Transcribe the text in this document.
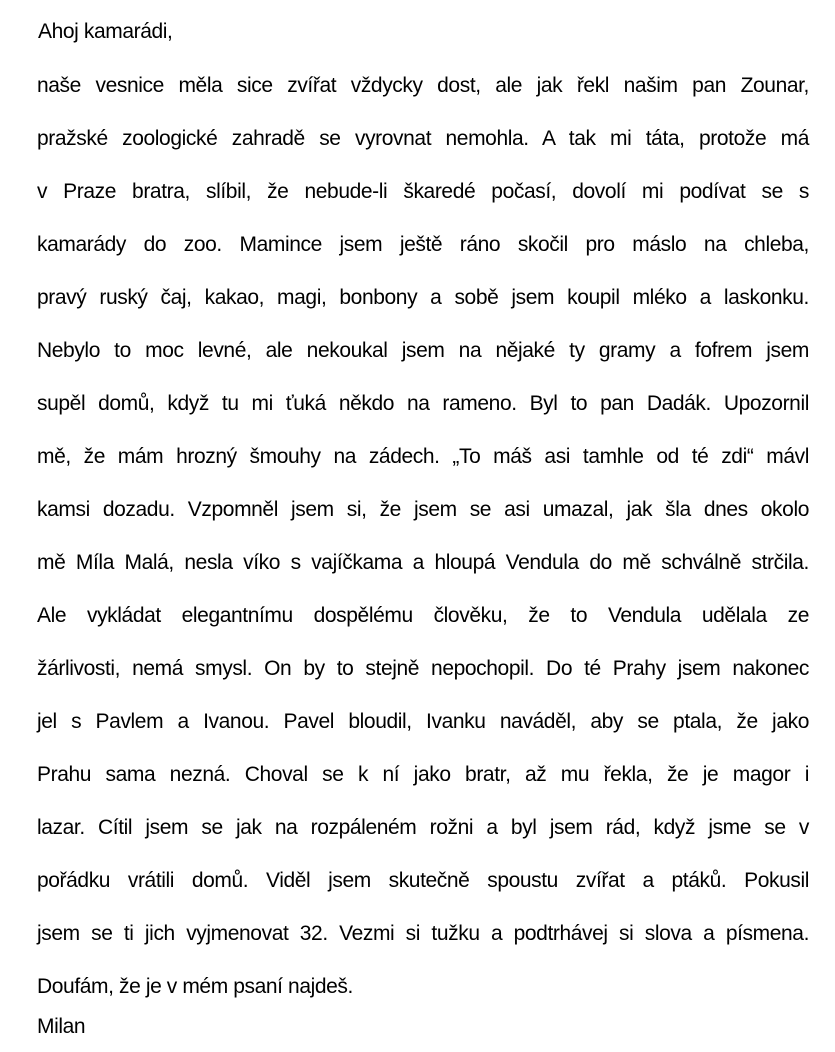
Ahoj kamarádi,
naše vesnice měla sice zvířat vždycky dost, ale jak řekl našim pan Zounar,
pražské zoologické zahradě se vyrovnat nemohla. A tak mi táta, protože má
v Praze bratra, slíbil, že nebude-li škaredé počasí, dovolí mi podívat se s
kamarády do zoo. Mamince jsem ještě ráno skočil pro máslo na chleba,
pravý ruský čaj, kakao, magi, bonbony a sobě jsem koupil mléko a laskonku.
Nebylo to moc levné, ale nekoukal jsem na nějaké ty gramy a fofrem jsem
supěl domů, když tu mi ťuká někdo na rameno. Byl to pan Dadák. Upozornil
mě, že mám hrozný šmouhy na zádech. „To máš asi tamhle od té zdi“ mávl
kamsi dozadu. Vzpomněl jsem si, že jsem se asi umazal, jak šla dnes okolo
mě Míla Malá, nesla víko s vajíčkama a hloupá Vendula do mě schválně strčila.
Ale vykládat elegantnímu dospělému člověku, že to Vendula udělala ze
žárlivosti, nemá smysl. On by to stejně nepochopil. Do té Prahy jsem nakonec
jel s Pavlem a Ivanou. Pavel bloudil, Ivanku naváděl, aby se ptala, že jako
Prahu sama nezná. Choval se k ní jako bratr, až mu řekla, že je magor i
lazar. Cítil jsem se jak na rozpáleném rožni a byl jsem rád, když jsme se v
pořádku vrátili domů. Viděl jsem skutečně spoustu zvířat a ptáků. Pokusil
jsem se ti jich vyjmenovat 32. Vezmi si tužku a podtrhávej si slova a písmena.
Doufám, že je v mém psaní najdeš.
Milan
